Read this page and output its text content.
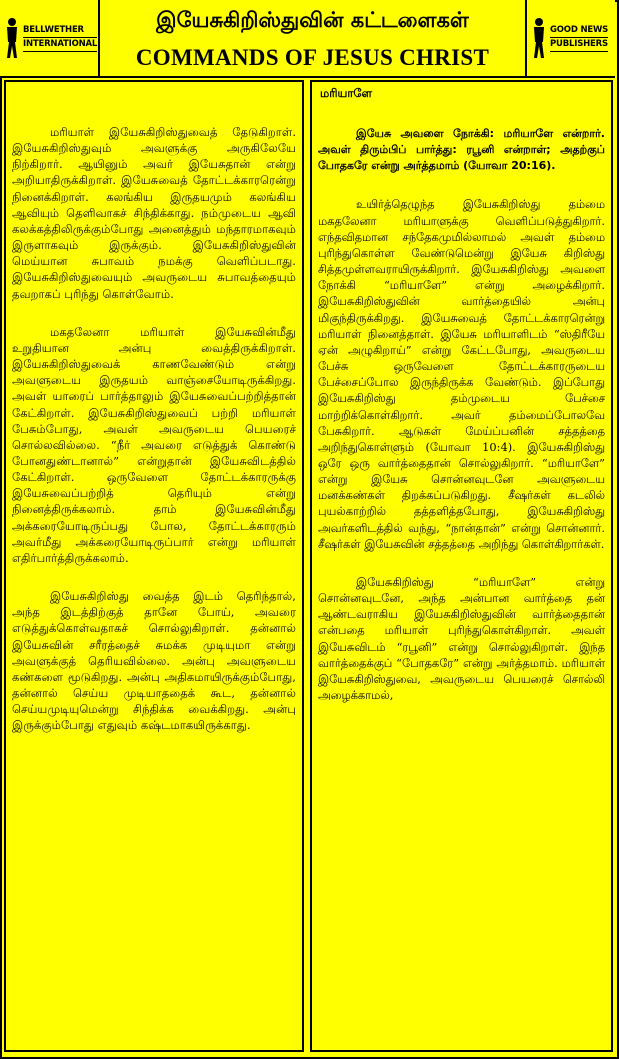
BELLWETHER
INTERNATIONAL
இயேசுகிறிஸ்துவின் கட்டளைகள்
COMMANDS OF JESUS CHRIST
GOOD NEWS
PUBLISHERS

மரியாள் இயேசுகிறிஸ்துவைத் தேடுகிறாள். இயேசுகிறிஸ்துவும் அவளுக்கு அருகிலேயே நிற்கிறார். ஆயினும் அவர் இயேசுதான் என்று அறியாதிருக்கிறாள். இயேசுவைத் தோட்டக்காரரென்று நினைக்கிறாள். கலங்கிய இருதயமும் கலங்கிய ஆவியும் தெளிவாகச் சிந்திக்காது. நம்முடைய ஆவி கலக்கத்திலிருக்கும்போது அனைத்தும் மந்தாரமாகவும் இருளாகவும் இருக்கும். இயேசுகிறிஸ்துவின் மெய்யான சுபாவம் நமக்கு வெளிப்படாது. இயேசுகிறிஸ்துவையும் அவருடைய சுபாவத்தையும் தவறாகப் புரிந்து கொள்வோம்.

மகதலேனா மரியாள் இயேசுவின்மீது உறுதியான அன்பு வைத்திருக்கிறாள். இயேசுகிறிஸ்துவைக் காணவேண்டும் என்று அவளுடைய இருதயம் வாஞ்சையோடிருக்கிறது. அவள் யாரைப் பார்த்தாலும் இயேசுவைப்பற்றித்தான் கேட்கிறாள். இயேசுகிறிஸ்துவைப் பற்றி மரியாள் பேசும்போது, அவள் அவருடைய பெயரைச் சொல்லவில்லை. “நீர் அவரை எடுத்துக் கொண்டு போனதுண்டானால்” என்றுதான் இயேசுவிடத்தில் கேட்கிறாள். ஒருவேளை தோட்டக்காரருக்கு இயேசுவைப்பற்றித் தெரியும் என்று நினைத்திருக்கலாம். தாம் இயேசுவின்மீது அக்கரையோடிருப்பது போல, தோட்டக்காரரும் அவர்மீது அக்கரையோடிருப்பார் என்று மரியாள் எதிர்பார்த்திருக்கலாம்.

இயேசுகிறிஸ்து வைத்த இடம் தெரிந்தால், அந்த இடத்திற்குத் தானே போய், அவரை எடுத்துக்கொள்வதாகச் சொல்லுகிறாள். தன்னால் இயேசுவின் சரீரத்தைச் சுமக்க முடியுமா என்று அவளுக்குத் தெரியவில்லை. அன்பு அவளுடைய கண்களை மூடுகிறது. அன்பு அதிகமாயிருக்கும்போது, தன்னால் செய்ய முடியாததைக் கூட, தன்னால் செய்யமுடியுமென்று சிந்திக்க வைக்கிறது. அன்பு இருக்கும்போது எதுவும் கஷ்டமாகயிருக்காது.

மரியாளே

இயேசு அவளை நோக்கி: மரியாளே என்றார். அவள் திரும்பிப் பார்த்து: ரபூனி என்றாள்; அதற்குப் போதகரே என்று அர்த்தமாம் (யோவா 20:16).

உயிர்த்தெழுந்த இயேசுகிறிஸ்து தம்மை மகதலேனா மரியாளுக்கு வெளிப்படுத்துகிறார். எந்தவிதமான சந்தேகமுமில்லாமல் அவள் தம்மை புரிந்துகொள்ள வேண்டுமென்று இயேசு கிறிஸ்து சித்தமுள்ளவராயிருக்கிறார். இயேசுகிறிஸ்து அவளை நோக்கி “மரியாளே” என்று அழைக்கிறார். இயேசுகிறிஸ்துவின் வார்த்தையில் அன்பு மிகுந்திருக்கிறது. இயேசுவைத் தோட்டக்காரரென்று மரியாள் நினைத்தாள். இயேசு மரியாளிடம் “ஸ்திரீயே ஏன் அழுகிறாய்” என்று கேட்டபோது, அவருடைய பேச்சு ஒருவேளை தோட்டக்காரருடைய பேச்சைப்போல இருந்திருக்க வேண்டும். இப்போது இயேசுகிறிஸ்து தம்முடைய பேச்சை மாற்றிக்கொள்கிறார். அவர் தம்மைப்போலவே பேசுகிறார். ஆடுகள் மேய்ப்பனின் சத்தத்தை அறிந்துகொள்ளும் (யோவா 10:4). இயேசுகிறிஸ்து ஒரே ஒரு வார்த்தைதான் சொல்லுகிறார். “மரியாளே” என்று இயேசு சொன்னவுடனே அவளுடைய மனக்கண்கள் திறக்கப்படுகிறது. சீஷர்கள் கடலில் புயல்காற்றில் தத்தளித்தபோது, இயேசுகிறிஸ்து அவர்களிடத்தில் வந்து, “நான்தான்” என்று சொன்னார். சீஷர்கள் இயேசுவின் சத்தத்தை அறிந்து கொள்கிறார்கள்.

இயேசுகிறிஸ்து “மரியாளே” என்று சொன்னவுடனே, அந்த அன்பான வார்த்தை தன் ஆண்டவராகிய இயேசுகிறிஸ்துவின் வார்த்தைதான் என்பதை மரியாள் புரிந்துகொள்கிறாள். அவள் இயேசுவிடம் “ரபூனி” என்று சொல்லுகிறாள். இந்த வார்த்தைக்குப் “போதகரே” என்று அர்த்தமாம். மரியாள் இயேசுகிறிஸ்துவை, அவருடைய பெயரைச் சொல்லி அழைக்காமல்,
